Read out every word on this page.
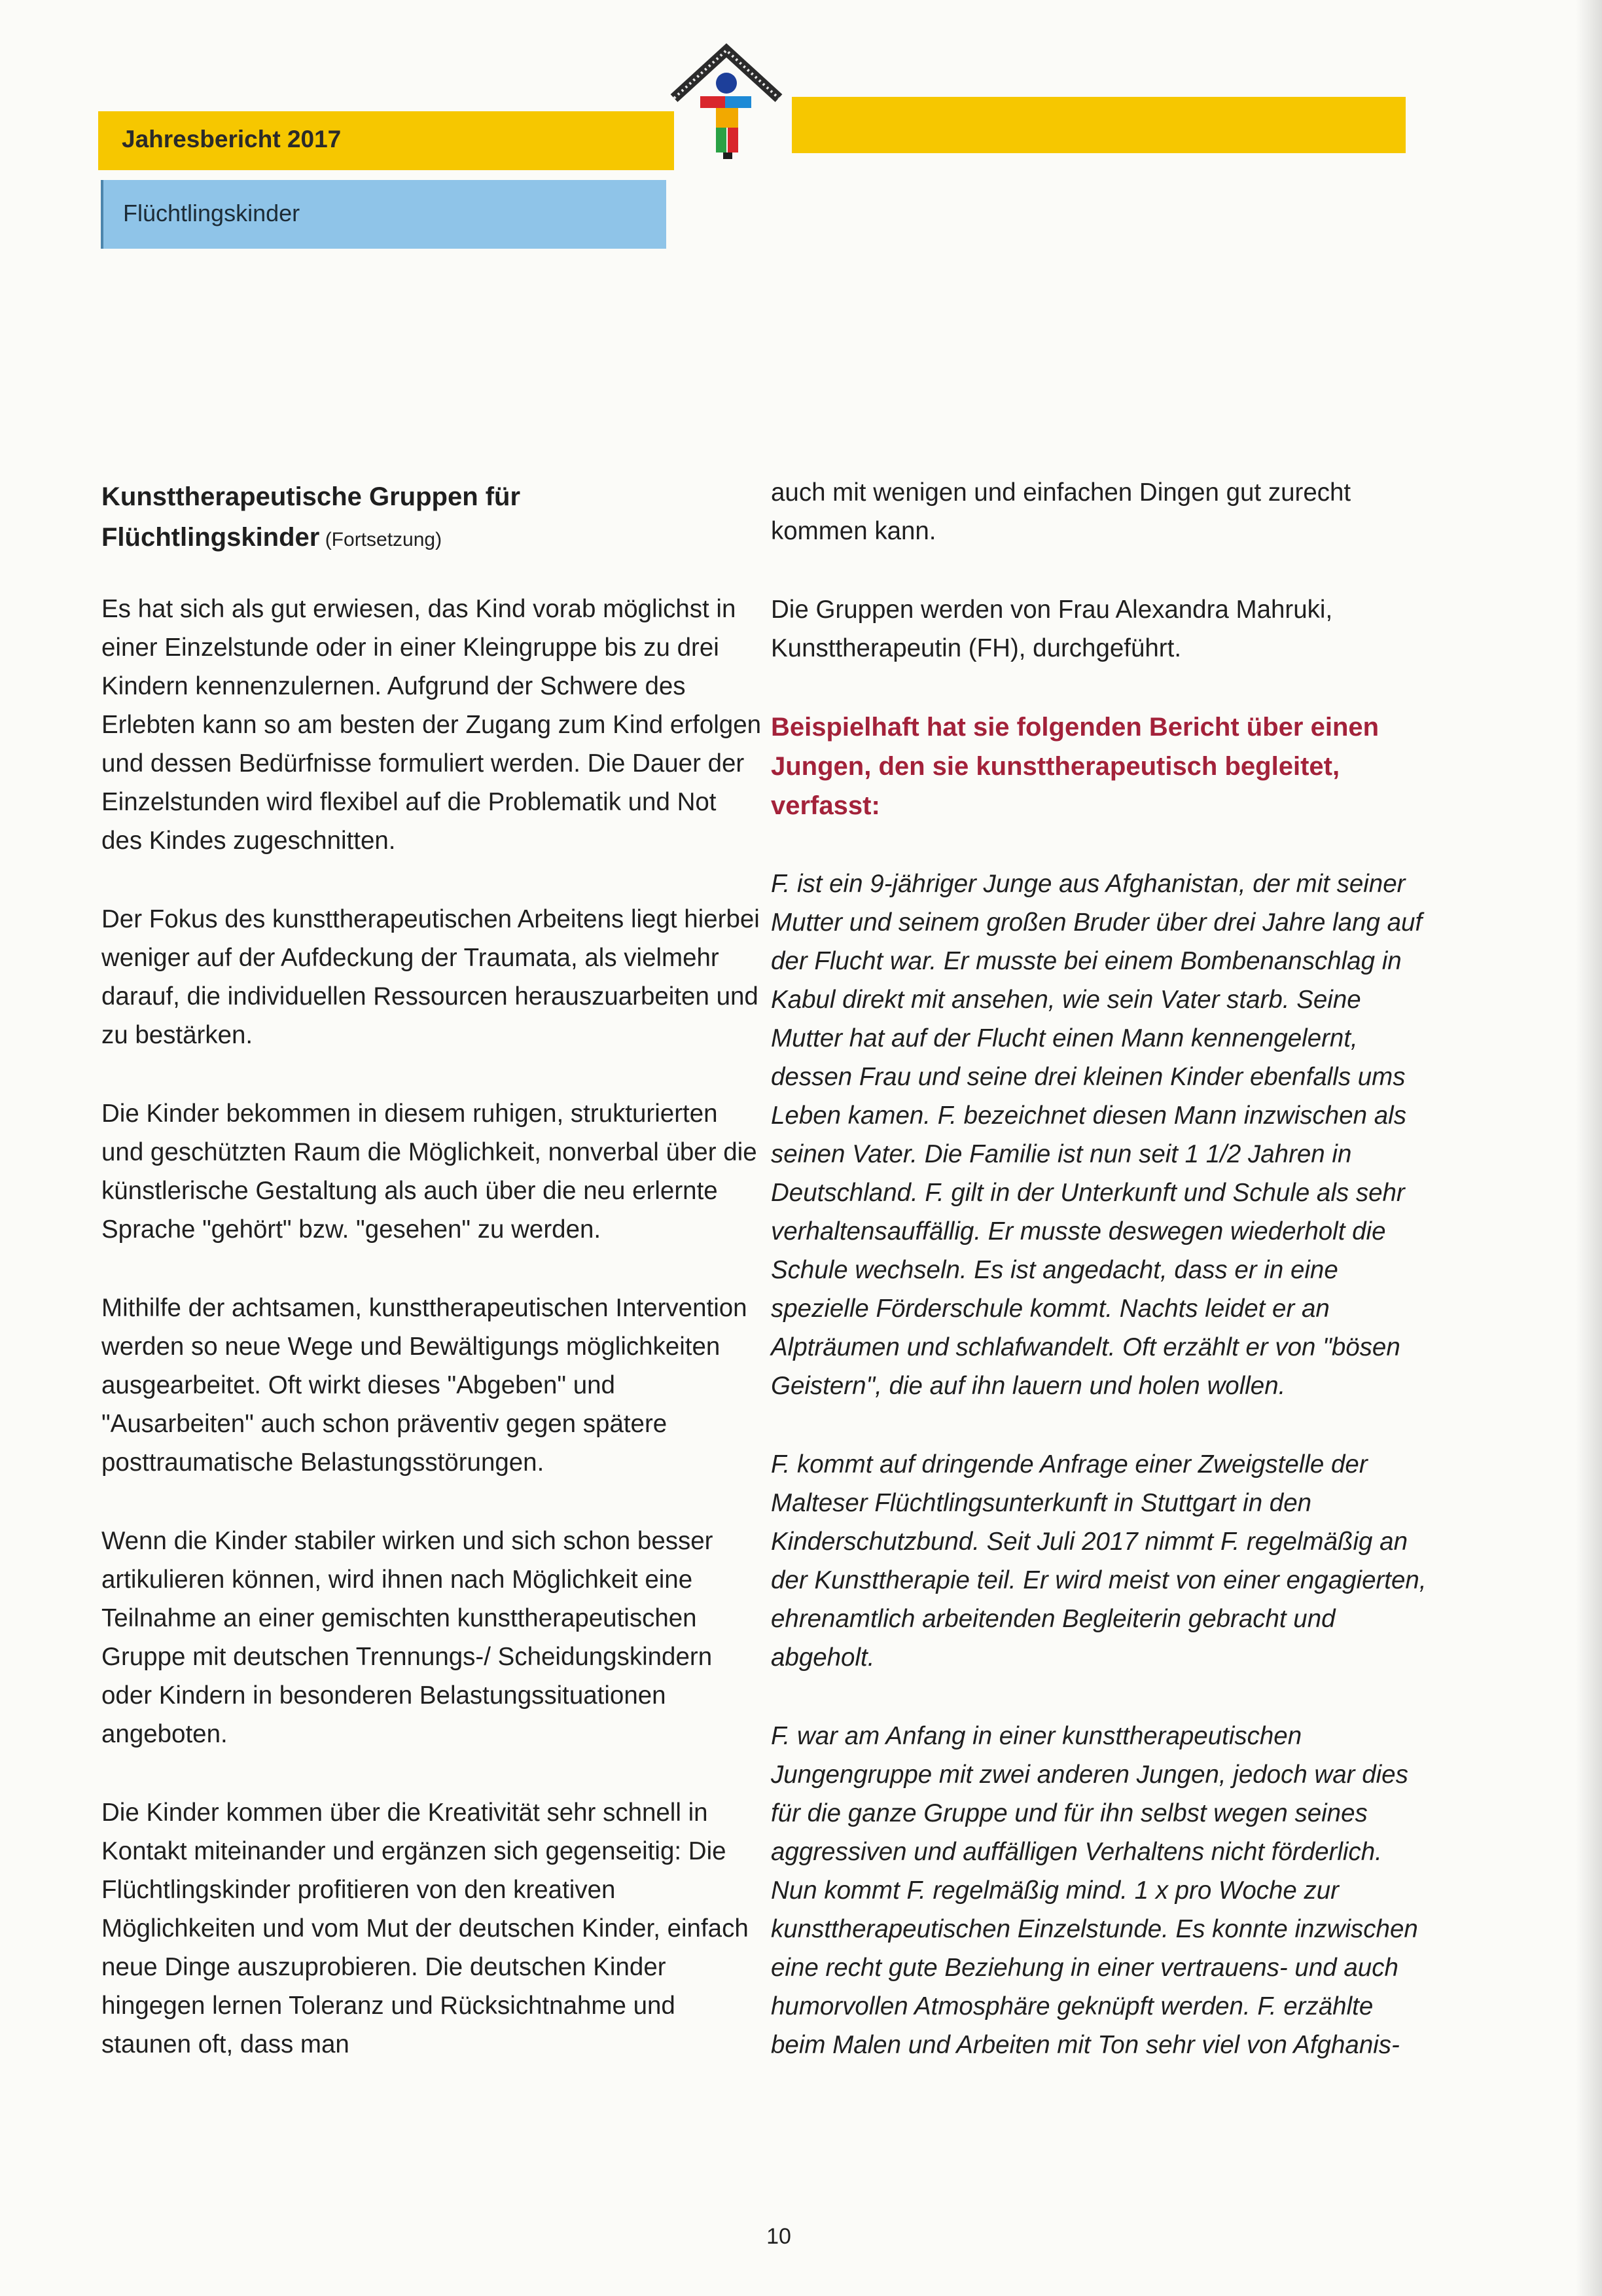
Jahresbericht 2017
Flüchtlingskinder
Kunsttherapeutische Gruppen für
Flüchtlingskinder (Fortsetzung)

Es hat sich als gut erwiesen, das Kind vorab möglichst in einer Einzelstunde oder in einer Kleingruppe bis zu drei Kindern kennenzulernen. Aufgrund der Schwere des Erlebten kann so am besten der Zugang zum Kind erfolgen und dessen Bedürfnisse formuliert werden. Die Dauer der Einzelstunden wird flexibel auf die Problematik und Not des Kindes zugeschnitten.

Der Fokus des kunsttherapeutischen Arbeitens liegt hierbei weniger auf der Aufdeckung der Traumata, als vielmehr darauf, die individuellen Ressourcen herauszuarbeiten und zu bestärken.

Die Kinder bekommen in diesem ruhigen, strukturierten und geschützten Raum die Möglichkeit, nonverbal über die künstlerische Gestaltung als auch über die neu erlernte Sprache "gehört" bzw. "gesehen" zu werden.

Mithilfe der achtsamen, kunsttherapeutischen Intervention werden so neue Wege und Bewältigungs möglichkeiten ausgearbeitet. Oft wirkt dieses "Abgeben" und "Ausarbeiten" auch schon präventiv gegen spätere posttraumatische Belastungsstörungen.

Wenn die Kinder stabiler wirken und sich schon besser artikulieren können, wird ihnen nach Möglichkeit eine Teilnahme an einer gemischten kunsttherapeutischen Gruppe mit deutschen Trennungs-/ Scheidungskindern oder Kindern in besonderen Belastungssituationen angeboten.

Die Kinder kommen über die Kreativität sehr schnell in Kontakt miteinander und ergänzen sich gegenseitig: Die Flüchtlingskinder profitieren von den kreativen Möglichkeiten und vom Mut der deutschen Kinder, einfach neue Dinge auszuprobieren. Die deutschen Kinder hingegen lernen Toleranz und Rücksichtnahme und staunen oft, dass man

auch mit wenigen und einfachen Dingen gut zurecht kommen kann.

Die Gruppen werden von Frau Alexandra Mahruki, Kunsttherapeutin (FH), durchgeführt.

Beispielhaft hat sie folgenden Bericht über einen Jungen, den sie kunsttherapeutisch begleitet, verfasst:

F. ist ein 9-jähriger Junge aus Afghanistan, der mit seiner Mutter und seinem großen Bruder über drei Jahre lang auf der Flucht war. Er musste bei einem Bombenanschlag in Kabul direkt mit ansehen, wie sein Vater starb. Seine Mutter hat auf der Flucht einen Mann kennengelernt, dessen Frau und seine drei kleinen Kinder ebenfalls ums Leben kamen. F. bezeichnet diesen Mann inzwischen als seinen Vater. Die Familie ist nun seit 1 1/2 Jahren in Deutschland. F. gilt in der Unterkunft und Schule als sehr verhaltensauffällig. Er musste deswegen wiederholt die Schule wechseln. Es ist angedacht, dass er in eine spezielle Förderschule kommt. Nachts leidet er an Alpträumen und schlafwandelt. Oft erzählt er von "bösen Geistern", die auf ihn lauern und holen wollen.

F. kommt auf dringende Anfrage einer Zweigstelle der Malteser Flüchtlingsunterkunft in Stuttgart in den Kinderschutzbund. Seit Juli 2017 nimmt F. regelmäßig an der Kunsttherapie teil. Er wird meist von einer engagierten, ehrenamtlich arbeitenden Begleiterin gebracht und abgeholt.

F. war am Anfang in einer kunsttherapeutischen Jungengruppe mit zwei anderen Jungen, jedoch war dies für die ganze Gruppe und für ihn selbst wegen seines aggressiven und auffälligen Verhaltens nicht förderlich. Nun kommt F. regelmäßig mind. 1 x pro Woche zur kunsttherapeutischen Einzelstunde. Es konnte inzwischen eine recht gute Beziehung in einer vertrauens- und auch humorvollen Atmosphäre geknüpft werden. F. erzählte beim Malen und Arbeiten mit Ton sehr viel von Afghanis-

10
